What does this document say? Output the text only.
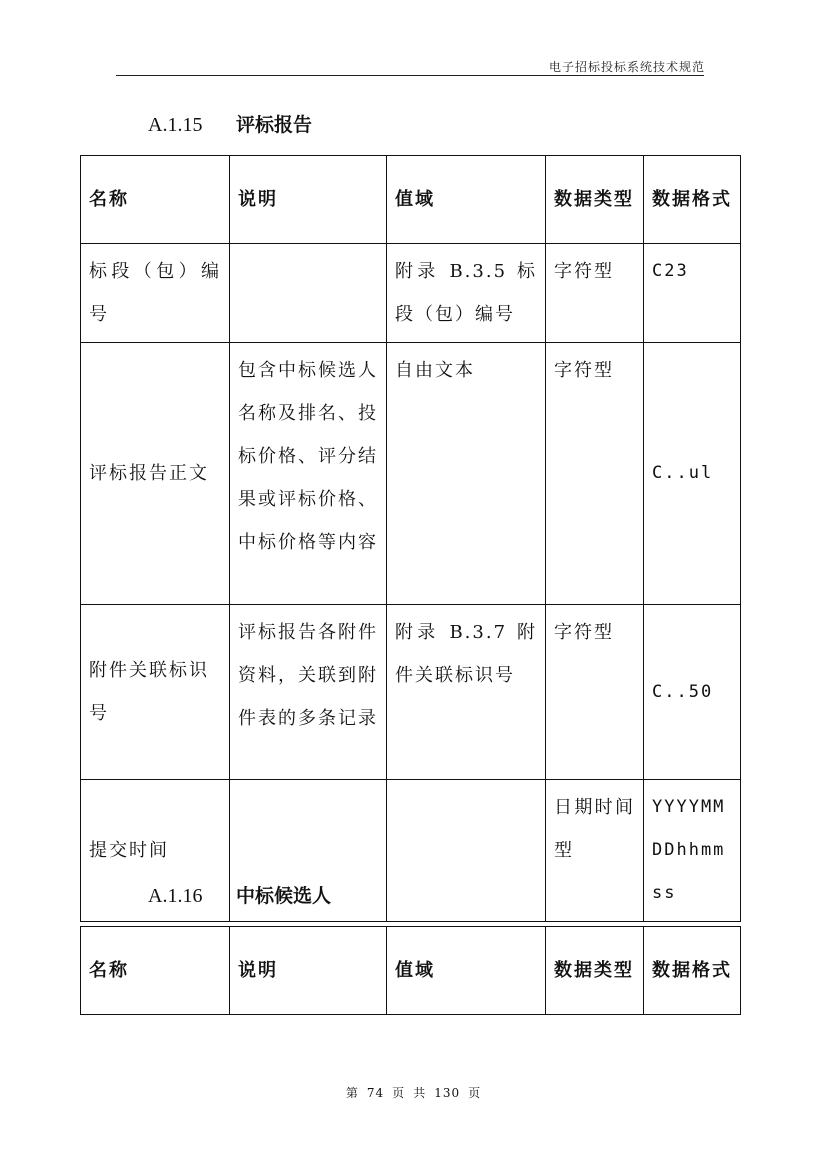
电子招标投标系统技术规范
A.1.15	评标报告
名称	说明	值域	数据类型	数据格式
标段（包）编号		附录 B.3.5 标段（包）编号	字符型	C23
评标报告正文	包含中标候选人名称及排名、投标价格、评分结果或评标价格、中标价格等内容	自由文本	字符型	C..ul
附件关联标识号	评标报告各附件资料，关联到附件表的多条记录	附录 B.3.7 附件关联标识号	字符型	C..50
提交时间			日期时间型	YYYYMMDDhhmmss
A.1.16	中标候选人
名称	说明	值域	数据类型	数据格式
第 74 页 共 130 页
